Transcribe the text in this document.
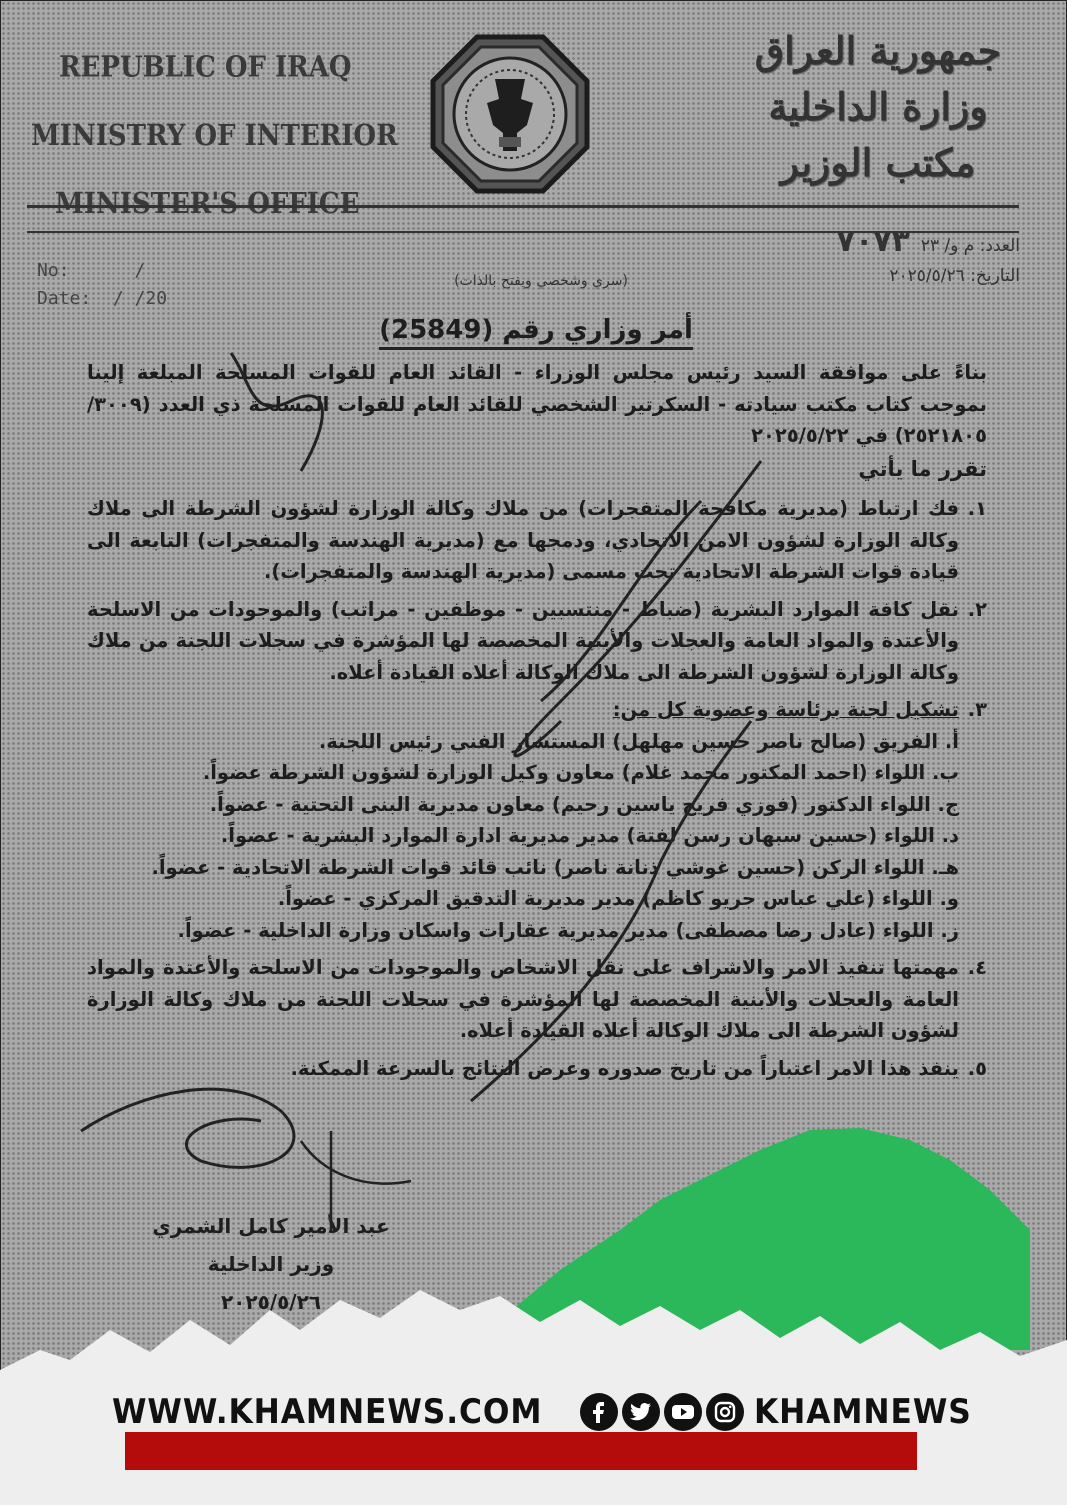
REPUBLIC OF IRAQ
MINISTRY OF INTERIOR
MINISTER'S OFFICE
جمهورية العراق
وزارة الداخلية
مكتب الوزير
No:	/
Date: / /20
العدد: م و/ ٢٣  ٧٠٧٣
التاريخ: ٢٠٢٥/٥/٢٦
(سري وشخصي ويفتح بالذات)
أمر وزاري رقم (25849)

بناءً على موافقة السيد رئيس مجلس الوزراء - القائد العام للقوات المسلحة المبلغة إلينا بموجب كتاب مكتب سيادته - السكرتير الشخصي للقائد العام للقوات المسلحة ذي العدد (٣٠٠٩/ ٢٥٢١٨٠٥) في ٢٠٢٥/٥/٢٢

تقرر ما يأتي

١.
فك ارتباط (مديرية مكافحة المتفجرات) من ملاك وكالة الوزارة لشؤون الشرطة الى ملاك وكالة الوزارة لشؤون الامن الاتحادي، ودمجها مع (مديرية الهندسة والمتفجرات) التابعة الى قيادة قوات الشرطة الاتحادية تحت مسمى (مديرية الهندسة والمتفجرات).
٢.
نقل كافة الموارد البشرية (ضباط - منتسبين - موظفين - مراتب) والموجودات من الاسلحة والأعتدة والمواد العامة والعجلات والأبنية المخصصة لها المؤشرة في سجلات اللجنة من ملاك وكالة الوزارة لشؤون الشرطة الى ملاك الوكالة أعلاه القيادة أعلاه.
٣.
تشكيل لجنة برئاسة وعضوية كل من:

أ. الفريق (صالح ناصر حسين مهلهل) المستشار الفني رئيس اللجنة.

ب. اللواء (احمد المكتور محمد غلام) معاون وكيل الوزارة لشؤون الشرطة عضواً.

ج. اللواء الدكتور (فوزي فريح ياسين رحيم) معاون مديرية البنى التحتية - عضواً.

د. اللواء (حسين سبهان رسن لفتة) مدير مديرية ادارة الموارد البشرية - عضواً.

هـ. اللواء الركن (حسين غوشي ذنانة ناصر) نائب قائد قوات الشرطة الاتحادية - عضواً.

و. اللواء (علي عباس جريو كاظم) مدير مديرية التدقيق المركزي - عضواً.

ز. اللواء (عادل رضا مصطفى) مدير مديرية عقارات واسكان وزارة الداخلية - عضواً.

٤.
مهمتها تنفيذ الامر والاشراف على نقل الاشخاص والموجودات من الاسلحة والأعتدة والمواد العامة والعجلات والأبنية المخصصة لها المؤشرة في سجلات اللجنة من ملاك وكالة الوزارة لشؤون الشرطة الى ملاك الوكالة أعلاه القيادة أعلاه.
٥.
ينفذ هذا الامر اعتباراً من تاريخ صدوره وعرض النتائج بالسرعة الممكنة.
عبد الأمير كامل الشمري
وزير الداخلية
٢٠٢٥/٥/٢٦
WWW.KHAMNEWS.COM	KHAMNEWS
